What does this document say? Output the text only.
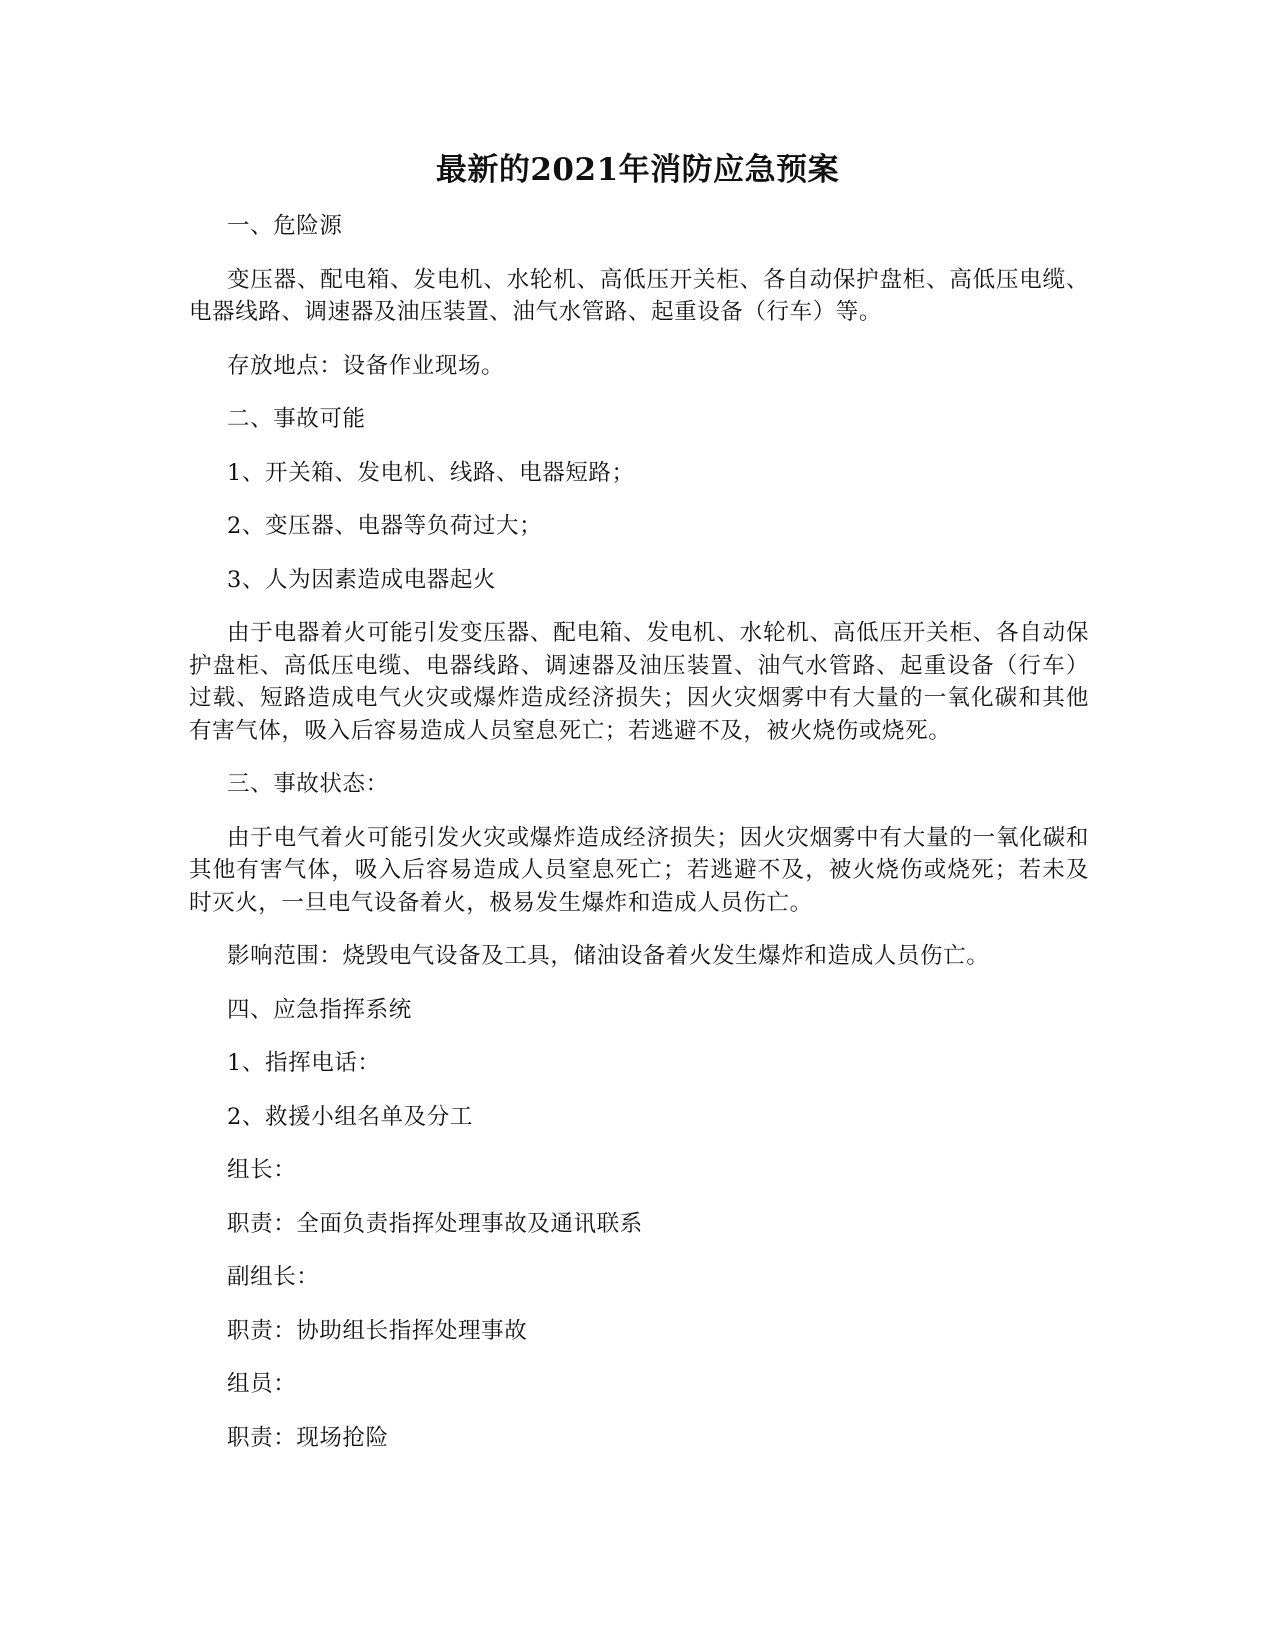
最新的2021年消防应急预案

一、危险源

变压器、配电箱、发电机、水轮机、高低压开关柜、各自动保护盘柜、高低压电缆、电器线路、调速器及油压装置、油气水管路、起重设备（行车）等。

存放地点：设备作业现场。

二、事故可能

1、开关箱、发电机、线路、电器短路；

2、变压器、电器等负荷过大；

3、人为因素造成电器起火

由于电器着火可能引发变压器、配电箱、发电机、水轮机、高低压开关柜、各自动保护盘柜、高低压电缆、电器线路、调速器及油压装置、油气水管路、起重设备（行车）过载、短路造成电气火灾或爆炸造成经济损失；因火灾烟雾中有大量的一氧化碳和其他有害气体，吸入后容易造成人员窒息死亡；若逃避不及，被火烧伤或烧死。

三、事故状态：

由于电气着火可能引发火灾或爆炸造成经济损失；因火灾烟雾中有大量的一氧化碳和其他有害气体，吸入后容易造成人员窒息死亡；若逃避不及，被火烧伤或烧死；若未及时灭火，一旦电气设备着火，极易发生爆炸和造成人员伤亡。

影响范围：烧毁电气设备及工具，储油设备着火发生爆炸和造成人员伤亡。

四、应急指挥系统

1、指挥电话：

2、救援小组名单及分工

组长：

职责：全面负责指挥处理事故及通讯联系

副组长：

职责：协助组长指挥处理事故

组员：

职责：现场抢险
